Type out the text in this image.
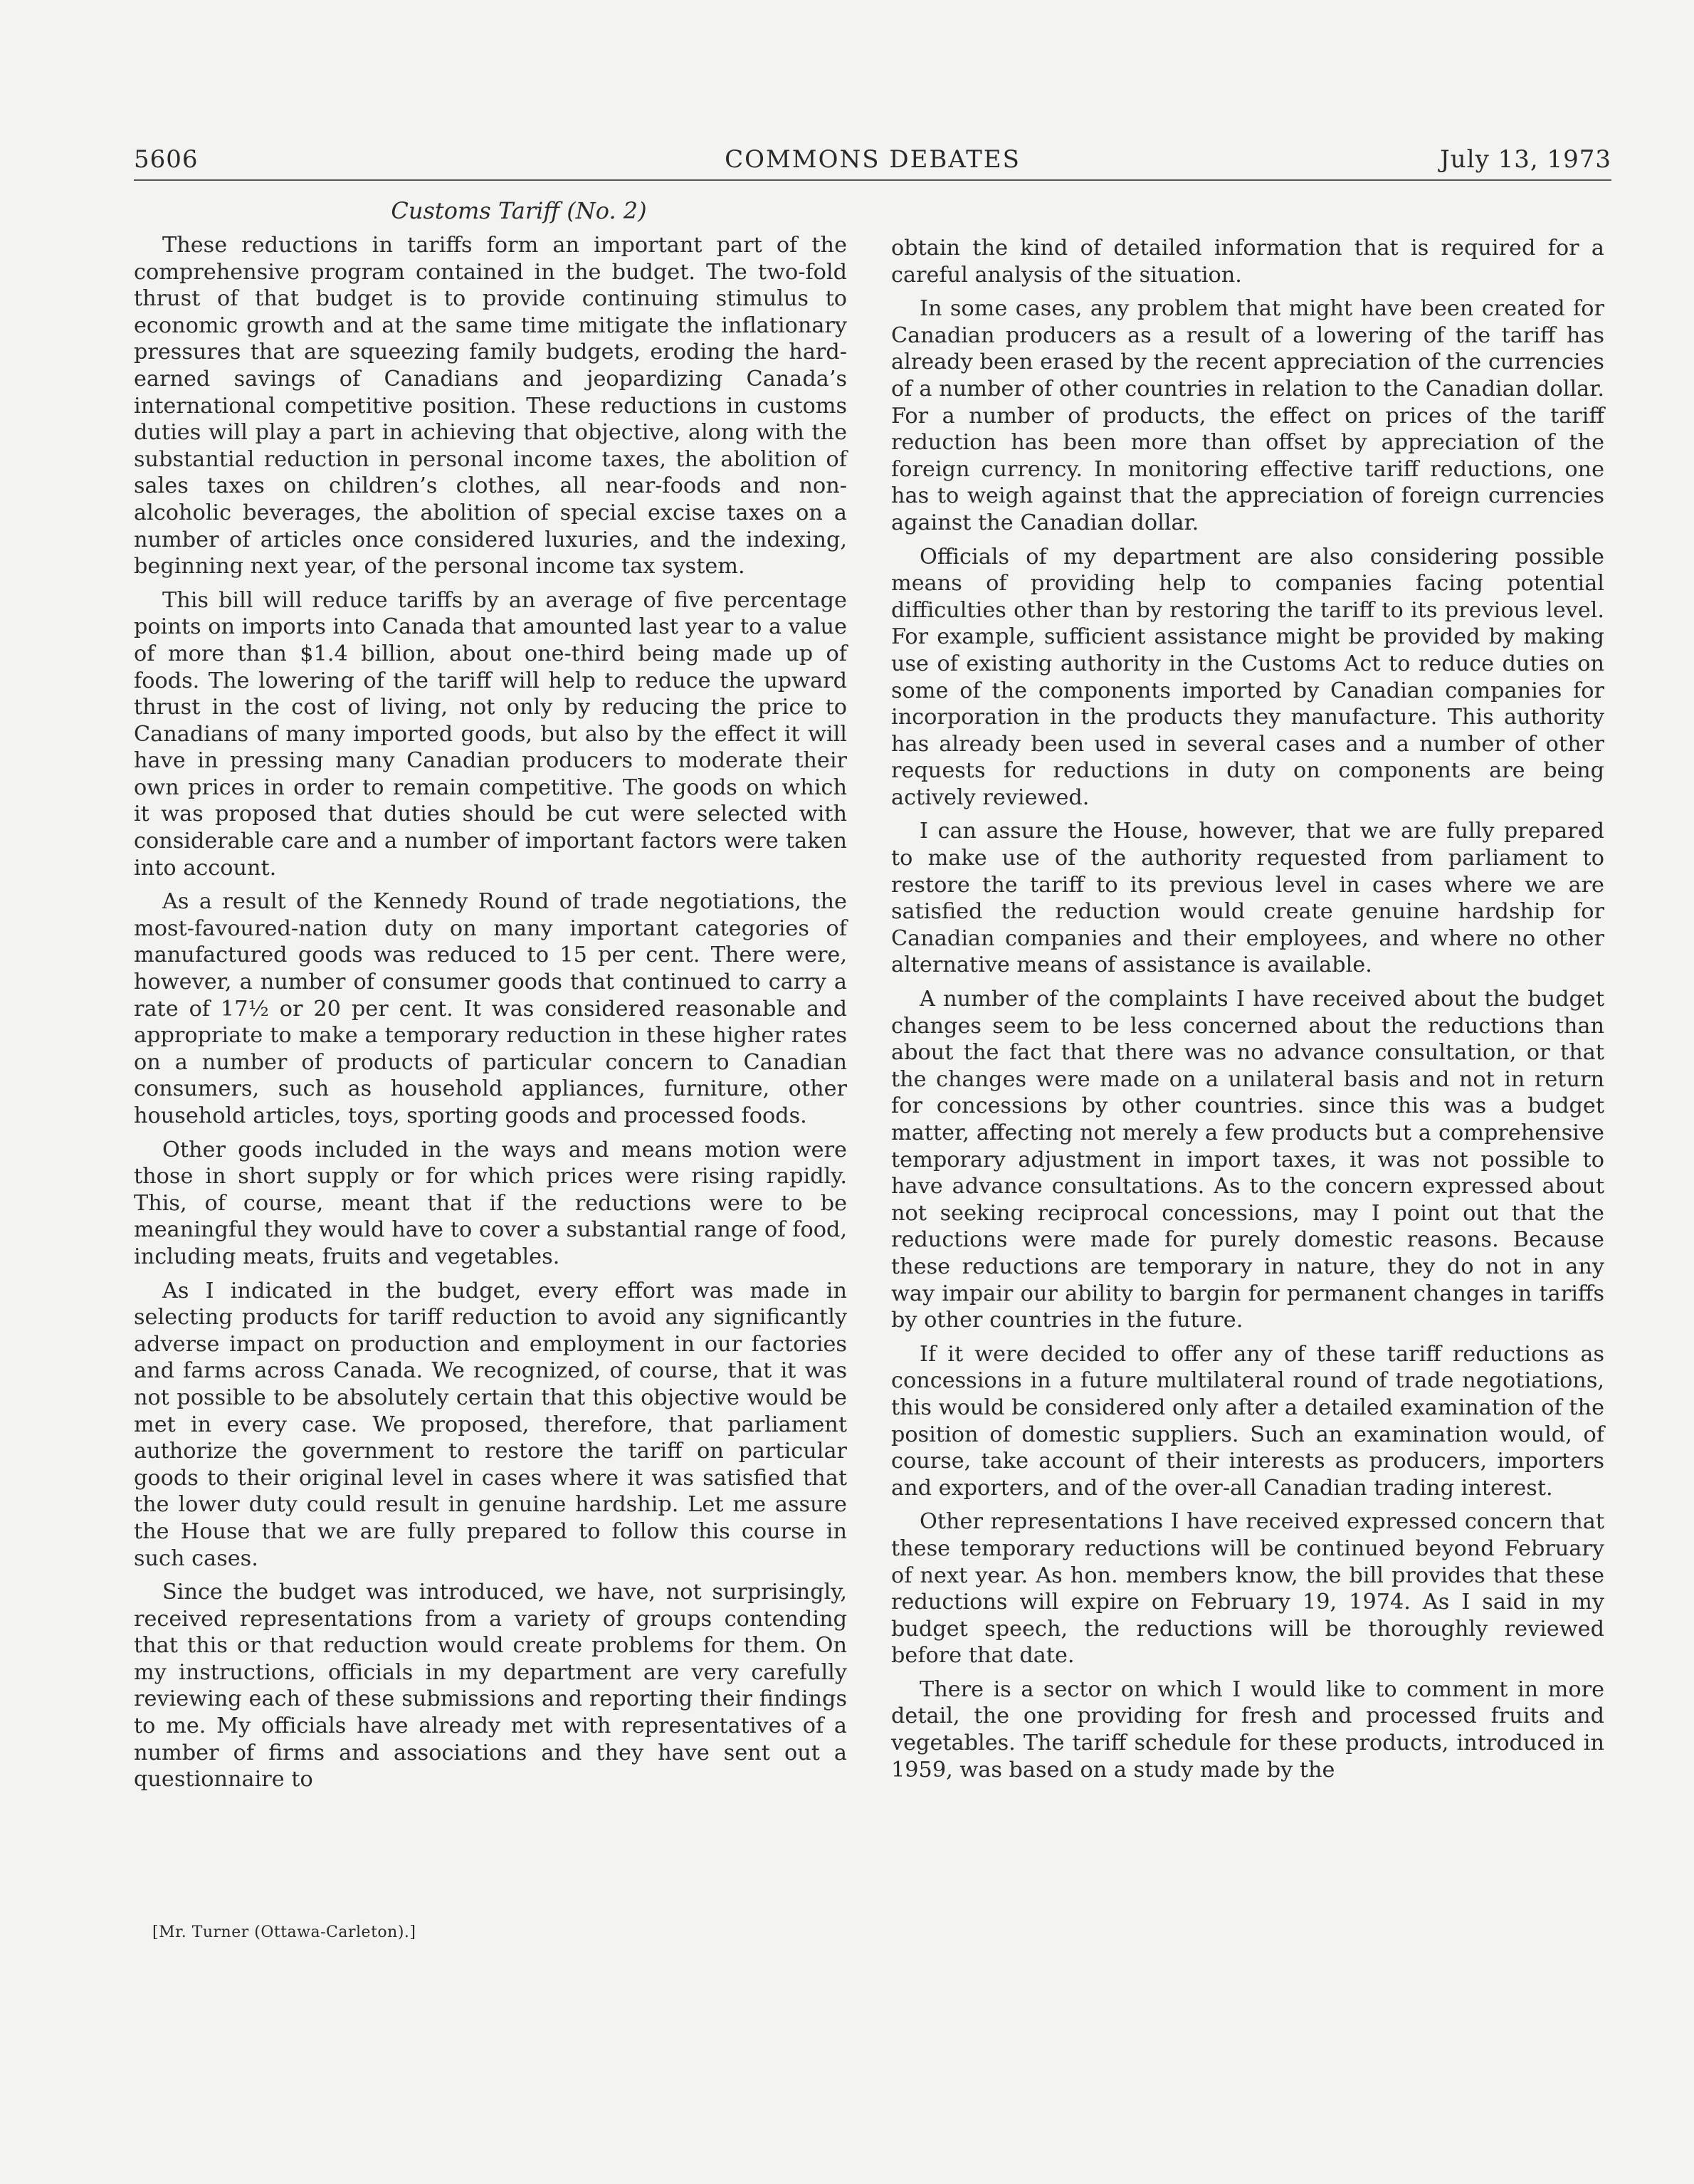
5606	COMMONS DEBATES	July 13, 1973
Customs Tariff (No. 2)

These reductions in tariffs form an important part of the comprehensive program contained in the budget. The two-fold thrust of that budget is to provide continuing stimulus to economic growth and at the same time mitigate the inflationary pressures that are squeezing family budgets, eroding the hard-earned savings of Canadians and jeopardizing Canada’s international competitive position. These reductions in customs duties will play a part in achieving that objective, along with the substantial reduction in personal income taxes, the abolition of sales taxes on children’s clothes, all near-foods and non-alcoholic beverages, the abolition of special excise taxes on a number of articles once considered luxuries, and the indexing, beginning next year, of the personal income tax system.

This bill will reduce tariffs by an average of five percentage points on imports into Canada that amounted last year to a value of more than $1.4 billion, about one-third being made up of foods. The lowering of the tariff will help to reduce the upward thrust in the cost of living, not only by reducing the price to Canadians of many imported goods, but also by the effect it will have in pressing many Canadian producers to moderate their own prices in order to remain competitive. The goods on which it was proposed that duties should be cut were selected with considerable care and a number of important factors were taken into account.

As a result of the Kennedy Round of trade negotiations, the most-favoured-nation duty on many important categories of manufactured goods was reduced to 15 per cent. There were, however, a number of consumer goods that continued to carry a rate of 17½ or 20 per cent. It was considered reasonable and appropriate to make a temporary reduction in these higher rates on a number of products of particular concern to Canadian consumers, such as household appliances, furniture, other household articles, toys, sporting goods and processed foods.

Other goods included in the ways and means motion were those in short supply or for which prices were rising rapidly. This, of course, meant that if the reductions were to be meaningful they would have to cover a substantial range of food, including meats, fruits and vegetables.

As I indicated in the budget, every effort was made in selecting products for tariff reduction to avoid any significantly adverse impact on production and employment in our factories and farms across Canada. We recognized, of course, that it was not possible to be absolutely certain that this objective would be met in every case. We proposed, therefore, that parliament authorize the government to restore the tariff on particular goods to their original level in cases where it was satisfied that the lower duty could result in genuine hardship. Let me assure the House that we are fully prepared to follow this course in such cases.

Since the budget was introduced, we have, not surprisingly, received representations from a variety of groups contending that this or that reduction would create problems for them. On my instructions, officials in my department are very carefully reviewing each of these submissions and reporting their findings to me. My officials have already met with representatives of a number of firms and associations and they have sent out a questionnaire to

obtain the kind of detailed information that is required for a careful analysis of the situation.

In some cases, any problem that might have been created for Canadian producers as a result of a lowering of the tariff has already been erased by the recent appreciation of the currencies of a number of other countries in relation to the Canadian dollar. For a number of products, the effect on prices of the tariff reduction has been more than offset by appreciation of the foreign currency. In monitoring effective tariff reductions, one has to weigh against that the appreciation of foreign currencies against the Canadian dollar.

Officials of my department are also considering possible means of providing help to companies facing potential difficulties other than by restoring the tariff to its previous level. For example, sufficient assistance might be provided by making use of existing authority in the Customs Act to reduce duties on some of the components imported by Canadian companies for incorporation in the products they manufacture. This authority has already been used in several cases and a number of other requests for reductions in duty on components are being actively reviewed.

I can assure the House, however, that we are fully prepared to make use of the authority requested from parliament to restore the tariff to its previous level in cases where we are satisfied the reduction would create genuine hardship for Canadian companies and their employees, and where no other alternative means of assistance is available.

A number of the complaints I have received about the budget changes seem to be less concerned about the reductions than about the fact that there was no advance consultation, or that the changes were made on a unilateral basis and not in return for concessions by other countries. since this was a budget matter, affecting not merely a few products but a comprehensive temporary adjustment in import taxes, it was not possible to have advance consultations. As to the concern expressed about not seeking reciprocal concessions, may I point out that the reductions were made for purely domestic reasons. Because these reductions are temporary in nature, they do not in any way impair our ability to bargin for permanent changes in tariffs by other countries in the future.

If it were decided to offer any of these tariff reductions as concessions in a future multilateral round of trade negotiations, this would be considered only after a detailed examination of the position of domestic suppliers. Such an examination would, of course, take account of their interests as producers, importers and exporters, and of the over-all Canadian trading interest.

Other representations I have received expressed concern that these temporary reductions will be continued beyond February of next year. As hon. members know, the bill provides that these reductions will expire on February 19, 1974. As I said in my budget speech, the reductions will be thoroughly reviewed before that date.

There is a sector on which I would like to comment in more detail, the one providing for fresh and processed fruits and vegetables. The tariff schedule for these products, introduced in 1959, was based on a study made by the

[Mr. Turner (Ottawa-Carleton).]
